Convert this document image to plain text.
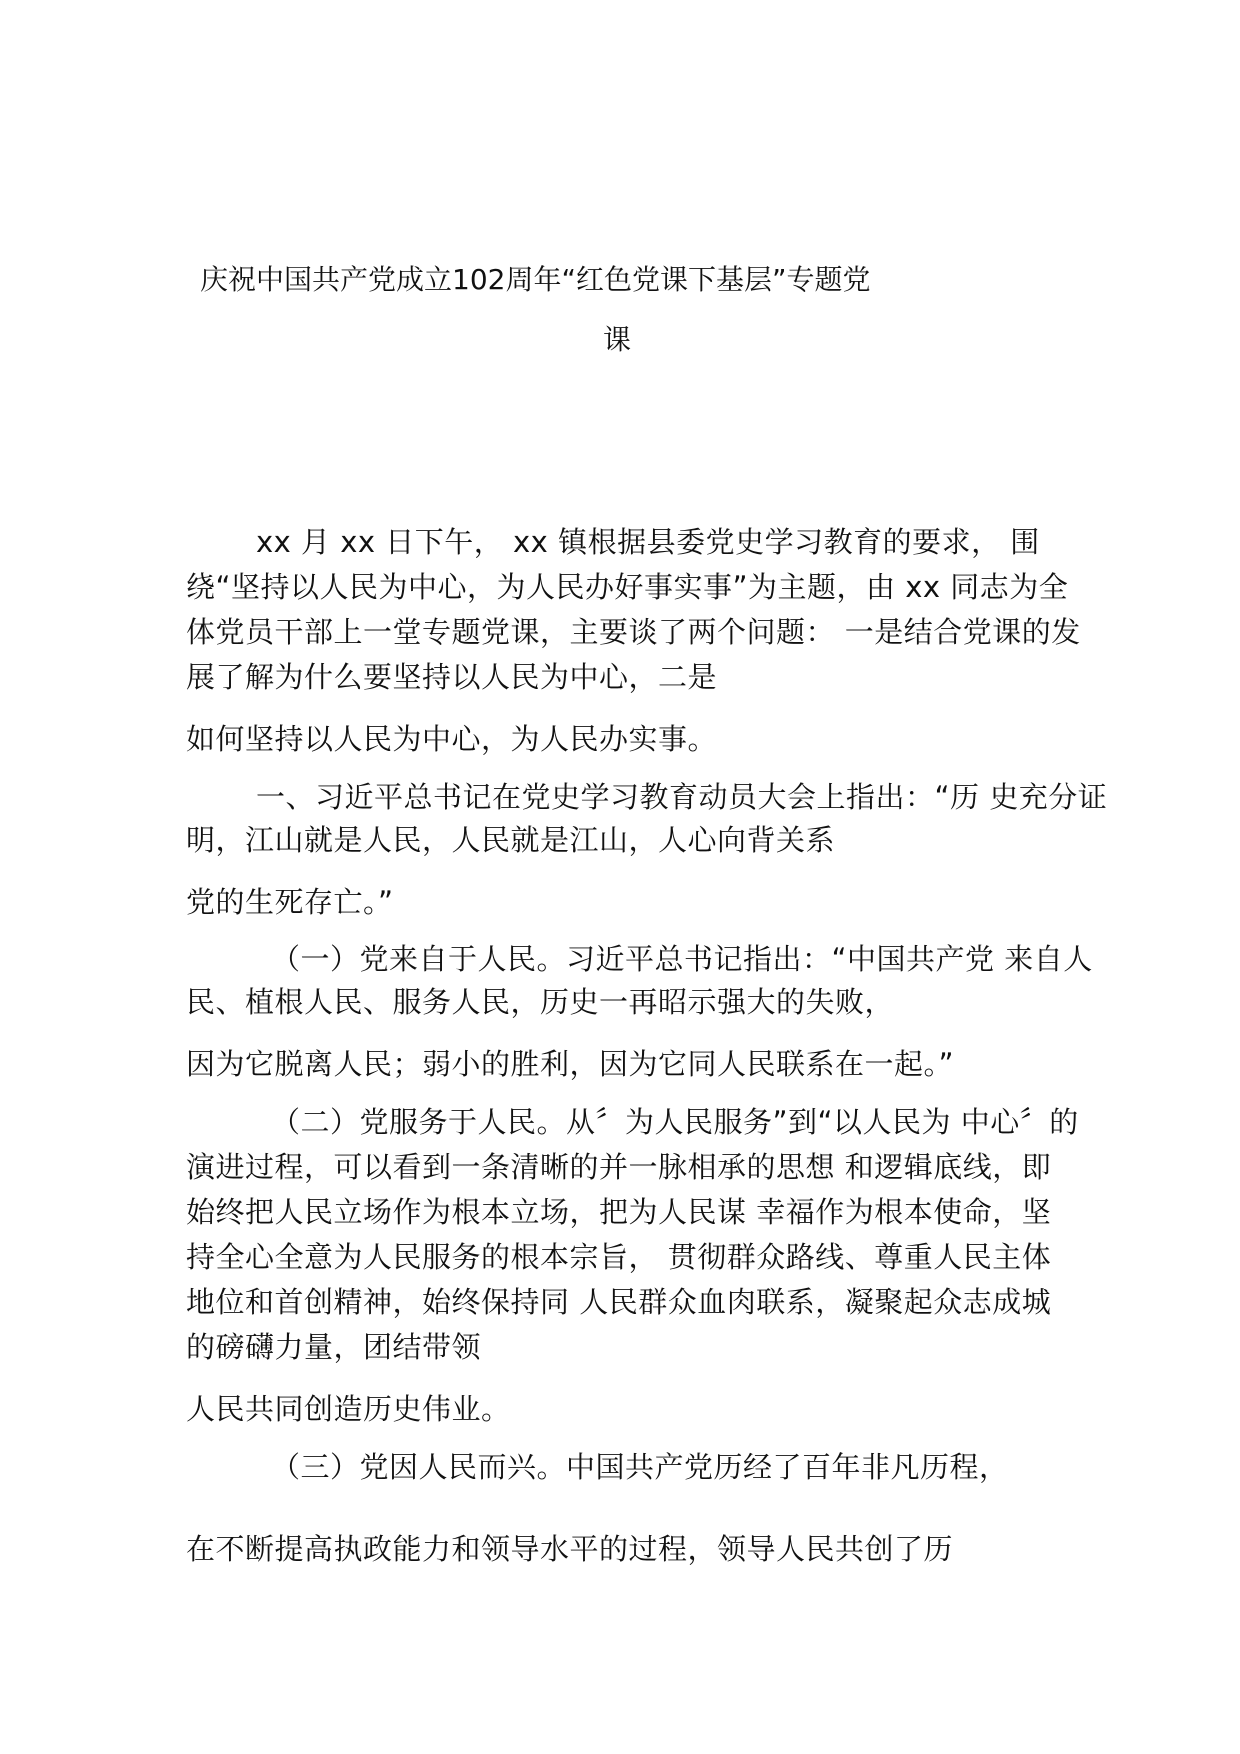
庆祝中国共产党成立102周年“红色党课下基层”专题党
课
xx 月 xx 日下午， xx 镇根据县委党史学习教育的要求， 围
绕“坚持以人民为中心，为人民办好事实事”为主题，由 xx 同志为全
体党员干部上一堂专题党课，主要谈了两个问题： 一是结合党课的发
展了解为什么要坚持以人民为中心，二是
如何坚持以人民为中心，为人民办实事。
一、习近平总书记在党史学习教育动员大会上指出：“历 史充分证
明，江山就是人民，人民就是江山，人心向背关系
党的生死存亡。”
（一）党来自于人民。习近平总书记指出：“中国共产党 来自人
民、植根人民、服务人民，历史一再昭示强大的失败，
因为它脱离人民；弱小的胜利，因为它同人民联系在一起。”
（二）党服务于人民。从〞为人民服务”到“以人民为 中心〞的
演进过程，可以看到一条清晰的并一脉相承的思想 和逻辑底线，即
始终把人民立场作为根本立场，把为人民谋 幸福作为根本使命，坚
持全心全意为人民服务的根本宗旨， 贯彻群众路线、尊重人民主体
地位和首创精神，始终保持同 人民群众血肉联系，凝聚起众志成城
的磅礴力量，团结带领
人民共同创造历史伟业。
（三）党因人民而兴。中国共产党历经了百年非凡历程，
在不断提高执政能力和领导水平的过程，领导人民共创了历
